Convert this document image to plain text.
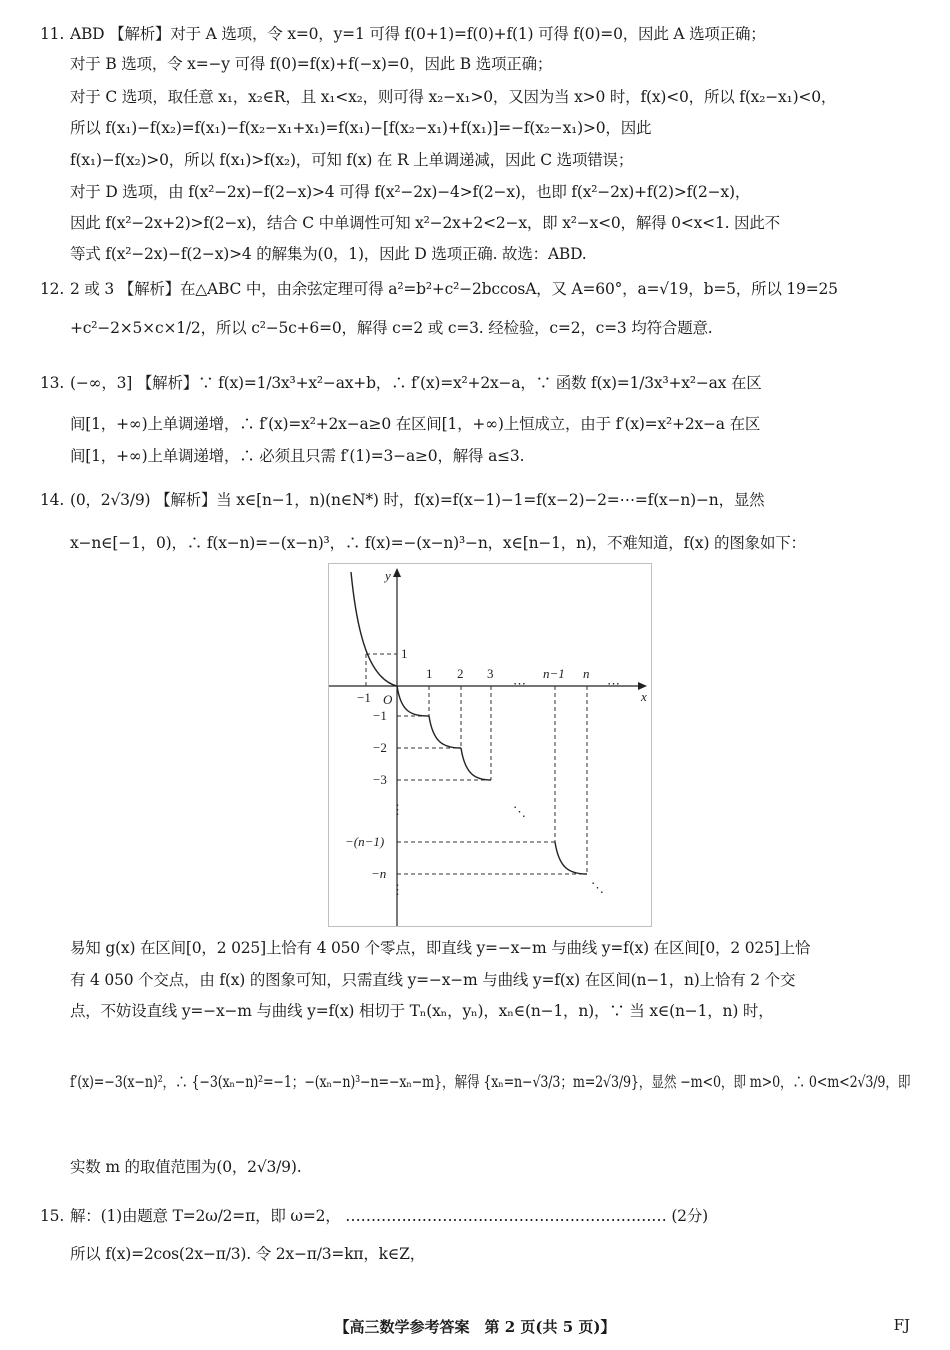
11. ABD 【解析】对于 A 选项，令 x=0，y=1 可得 f(0+1)=f(0)+f(1) 可得 f(0)=0，因此 A 选项正确；
对于 B 选项，令 x=−y 可得 f(0)=f(x)+f(−x)=0，因此 B 选项正确；
对于 C 选项，取任意 x₁，x₂∈R，且 x₁<x₂，则可得 x₂−x₁>0，又因为当 x>0 时，f(x)<0，所以 f(x₂−x₁)<0，
所以 f(x₁)−f(x₂)=f(x₁)−f(x₂−x₁+x₁)=f(x₁)−[f(x₂−x₁)+f(x₁)]=−f(x₂−x₁)>0，因此
f(x₁)−f(x₂)>0，所以 f(x₁)>f(x₂)，可知 f(x) 在 R 上单调递减，因此 C 选项错误；
对于 D 选项，由 f(x²−2x)−f(2−x)>4 可得 f(x²−2x)−4>f(2−x)，也即 f(x²−2x)+f(2)>f(2−x)，
因此 f(x²−2x+2)>f(2−x)，结合 C 中单调性可知 x²−2x+2<2−x，即 x²−x<0，解得 0<x<1. 因此不
等式 f(x²−2x)−f(2−x)>4 的解集为(0，1)，因此 D 选项正确. 故选：ABD.
12. 2 或 3 【解析】在△ABC 中，由余弦定理可得 a²=b²+c²−2bccosA，又 A=60°，a=√19，b=5，所以 19=25
+c²−2×5×c×1/2，所以 c²−5c+6=0，解得 c=2 或 c=3. 经检验，c=2，c=3 均符合题意.
13. (−∞，3] 【解析】∵ f(x)=1/3x³+x²−ax+b，∴ f′(x)=x²+2x−a，∵ 函数 f(x)=1/3x³+x²−ax 在区
间[1，+∞)上单调递增，∴ f′(x)=x²+2x−a≥0 在区间[1，+∞)上恒成立，由于 f′(x)=x²+2x−a 在区
间[1，+∞)上单调递增，∴ 必须且只需 f′(1)=3−a≥0，解得 a≤3.
14. (0，2√3/9) 【解析】当 x∈[n−1，n)(n∈N*) 时，f(x)=f(x−1)−1=f(x−2)−2=⋯=f(x−n)−n，显然
x−n∈[−1，0)，∴ f(x−n)=−(x−n)³，∴ f(x)=−(x−n)³−n，x∈[n−1，n)，不难知道，f(x) 的图象如下：
易知 g(x) 在区间[0，2 025]上恰有 4 050 个零点，即直线 y=−x−m 与曲线 y=f(x) 在区间[0，2 025]上恰
有 4 050 个交点，由 f(x) 的图象可知，只需直线 y=−x−m 与曲线 y=f(x) 在区间(n−1，n)上恰有 2 个交
点，不妨设直线 y=−x−m 与曲线 y=f(x) 相切于 Tₙ(xₙ，yₙ)，xₙ∈(n−1，n)，∵ 当 x∈(n−1，n) 时，
f′(x)=−3(x−n)²，∴ {−3(xₙ−n)²=−1；−(xₙ−n)³−n=−xₙ−m}，解得 {xₙ=n−√3/3；m=2√3/9}，显然 −m<0，即 m>0，∴ 0<m<2√3/9，即
实数 m 的取值范围为(0，2√3/9).
15. 解：(1)由题意 T=2ω/2=π，即 ω=2， ……………………………………………………… (2分)
所以 f(x)=2cos(2x−π/3). 令 2x−π/3=kπ，k∈Z，
y
x
O
−1
1 2 3	n−1 n
⋯	⋯
1
−1
−2
−3
−(n−1)
−n
⋮
⋮
⋱
⋱
【高三数学参考答案　第 2 页(共 5 页)】	FJ
